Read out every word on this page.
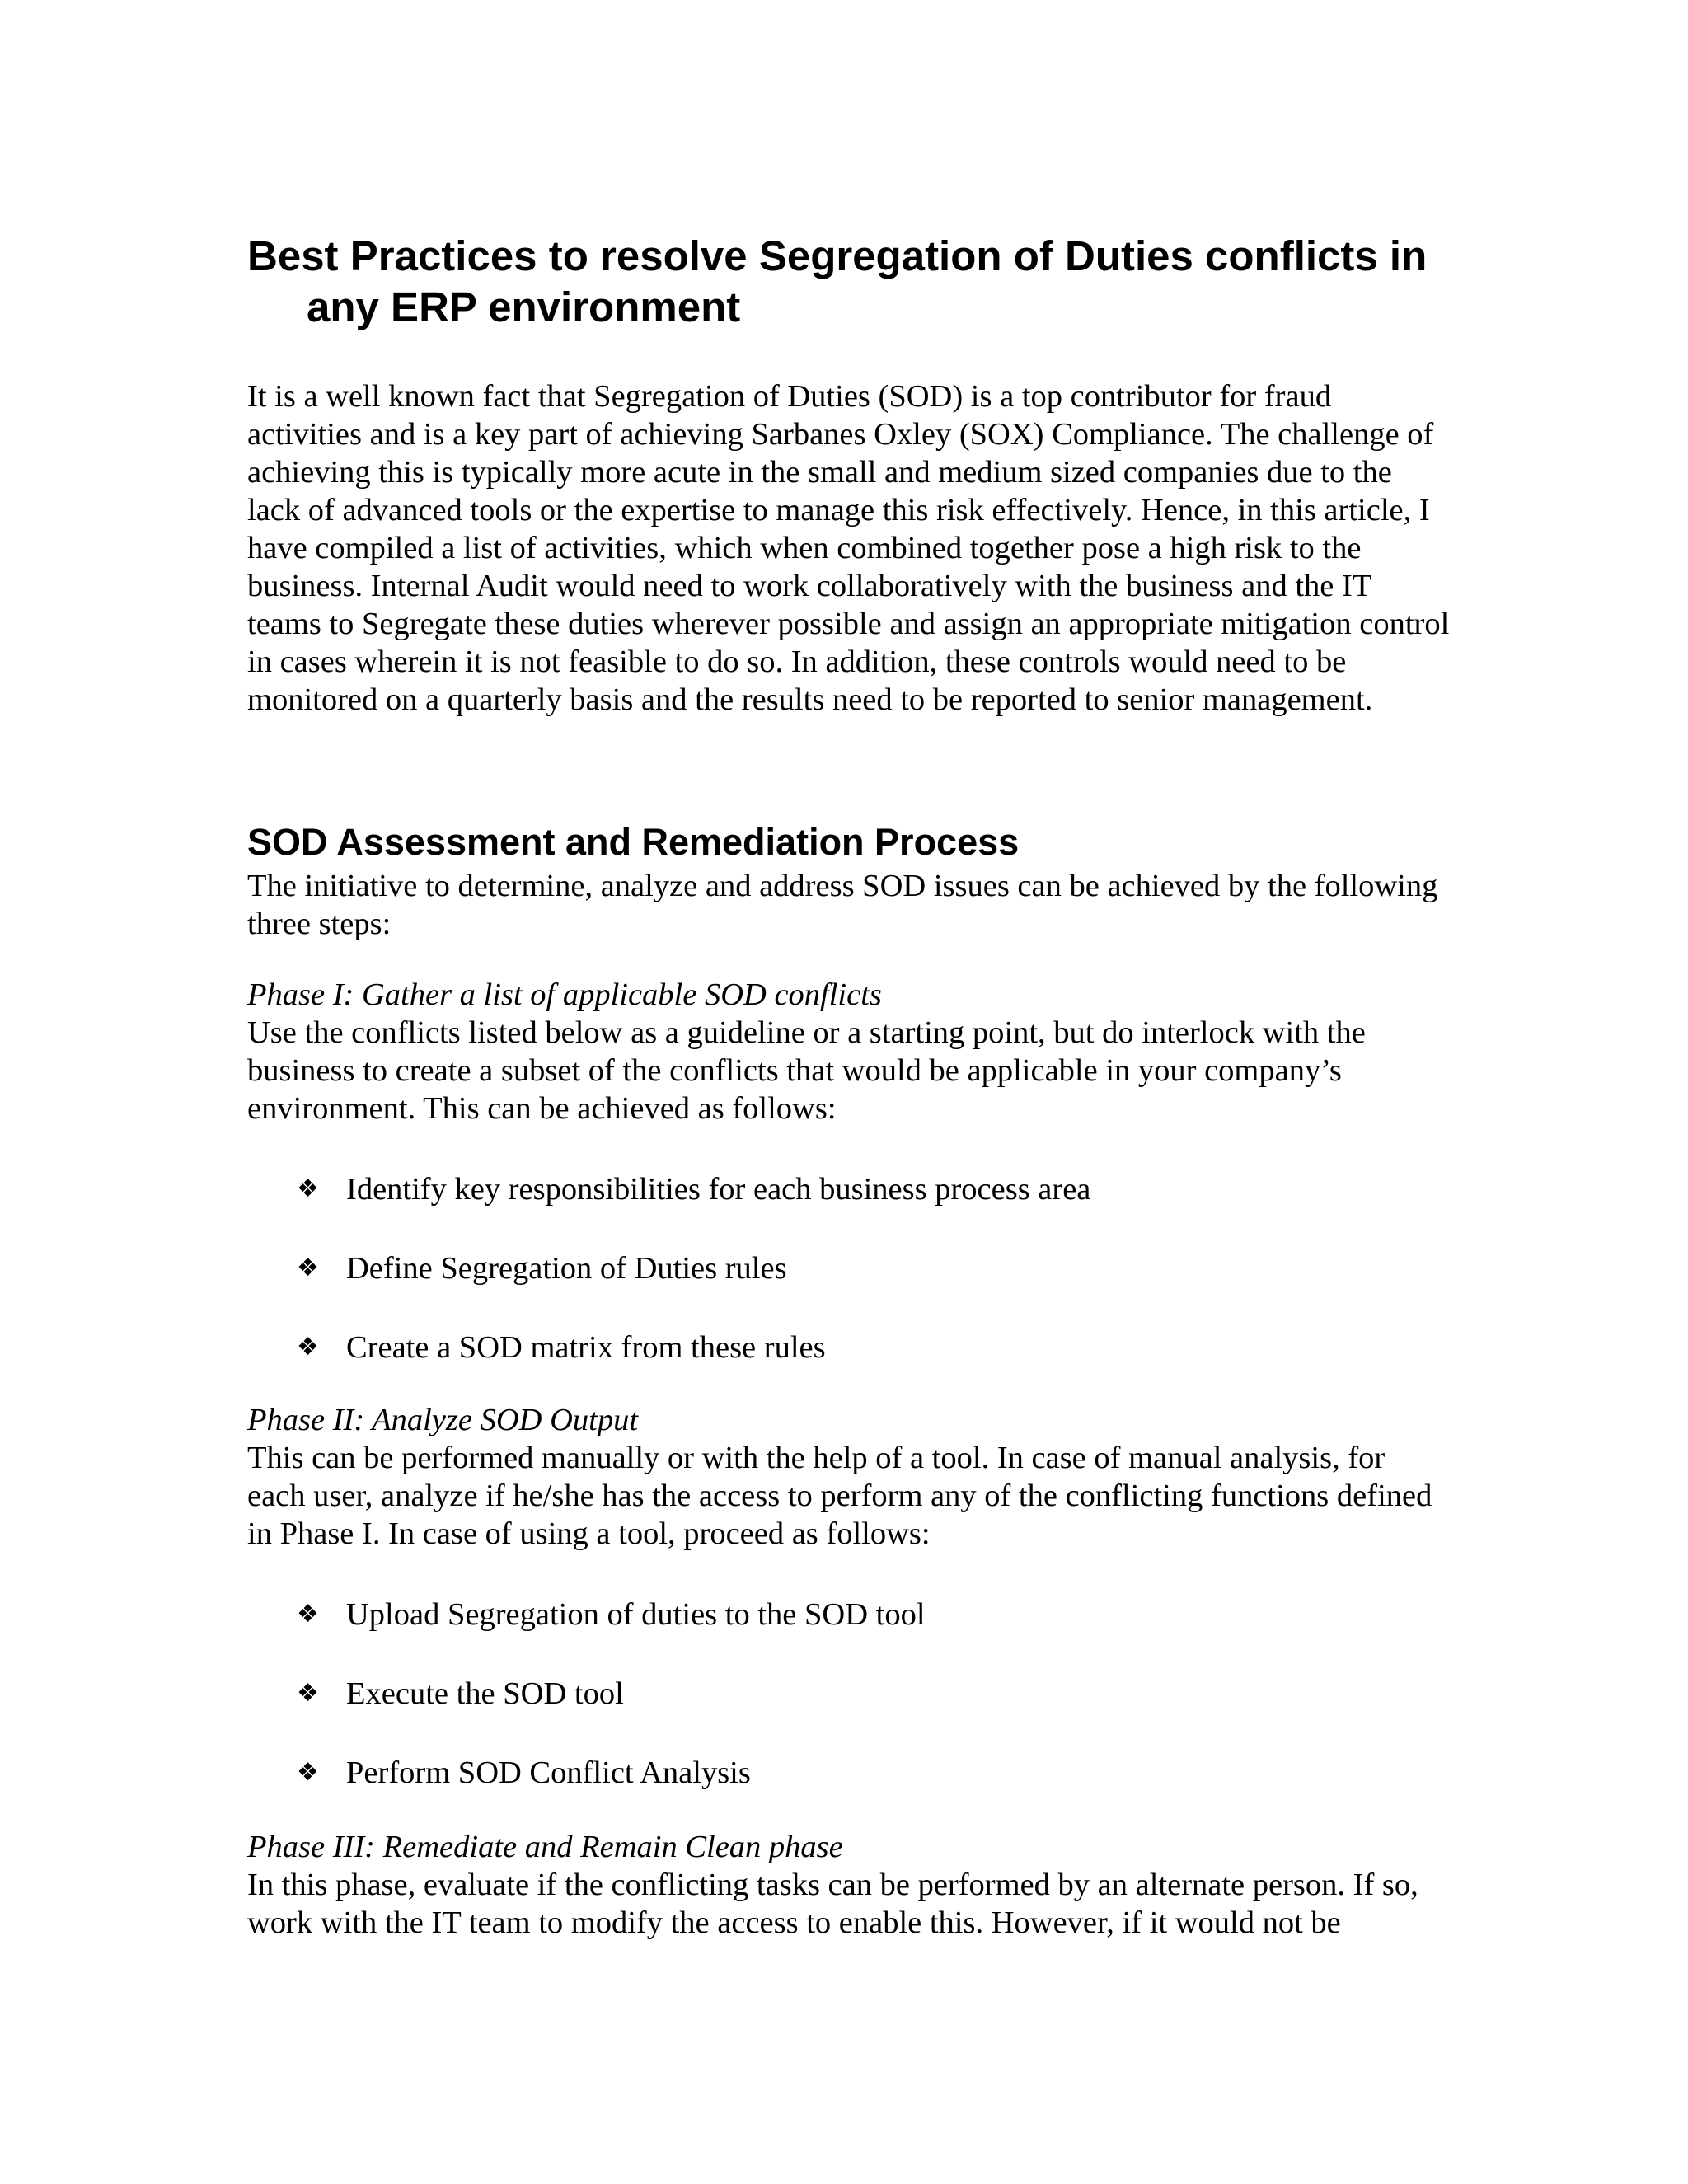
Best Practices to resolve Segregation of Duties conflicts in any ERP environment

It is a well known fact that Segregation of Duties (SOD) is a top contributor for fraud activities and is a key part of achieving Sarbanes Oxley (SOX) Compliance. The challenge of achieving this is typically more acute in the small and medium sized companies due to the lack of advanced tools or the expertise to manage this risk effectively. Hence, in this article, I have compiled a list of activities, which when combined together pose a high risk to the business. Internal Audit would need to work collaboratively with the business and the IT teams to Segregate these duties wherever possible and assign an appropriate mitigation control in cases wherein it is not feasible to do so. In addition, these controls would need to be monitored on a quarterly basis and the results need to be reported to senior management.

SOD Assessment and Remediation Process

The initiative to determine, analyze and address SOD issues can be achieved by the following three steps:

Phase I: Gather a list of applicable SOD conflicts

Use the conflicts listed below as a guideline or a starting point, but do interlock with the business to create a subset of the conflicts that would be applicable in your company’s environment. This can be achieved as follows:

❖ Identify key responsibilities for each business process area
❖ Define Segregation of Duties rules
❖ Create a SOD matrix from these rules

Phase II: Analyze SOD Output

This can be performed manually or with the help of a tool. In case of manual analysis, for each user, analyze if he/she has the access to perform any of the conflicting functions defined in Phase I. In case of using a tool, proceed as follows:

❖ Upload Segregation of duties to the SOD tool
❖ Execute the SOD tool
❖ Perform SOD Conflict Analysis

Phase III: Remediate and Remain Clean phase

In this phase, evaluate if the conflicting tasks can be performed by an alternate person. If so, work with the IT team to modify the access to enable this. However, if it would not be
